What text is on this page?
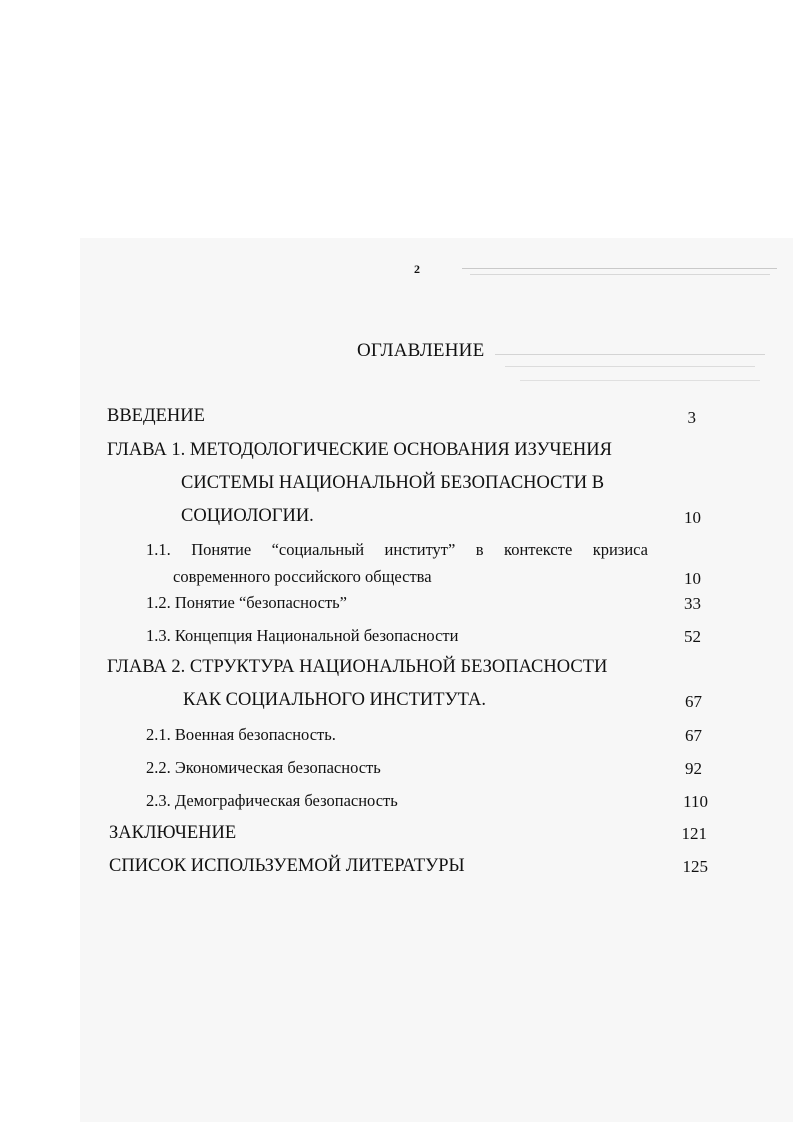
2
ОГЛАВЛЕНИЕ
ВВЕДЕНИЕ	3
ГЛАВА 1. МЕТОДОЛОГИЧЕСКИЕ ОСНОВАНИЯ ИЗУЧЕНИЯ
СИСТЕМЫ НАЦИОНАЛЬНОЙ БЕЗОПАСНОСТИ В
СОЦИОЛОГИИ.	10
1.1. Понятие “социальный институт” в контексте кризиса
современного российского общества	10
1.2. Понятие “безопасность”	33
1.3. Концепция Национальной безопасности	52
ГЛАВА 2. СТРУКТУРА НАЦИОНАЛЬНОЙ БЕЗОПАСНОСТИ
КАК СОЦИАЛЬНОГО ИНСТИТУТА.	67
2.1. Военная безопасность.	67
2.2. Экономическая безопасность	92
2.3. Демографическая безопасность	110
ЗАКЛЮЧЕНИЕ	121
СПИСОК ИСПОЛЬЗУЕМОЙ ЛИТЕРАТУРЫ	125
